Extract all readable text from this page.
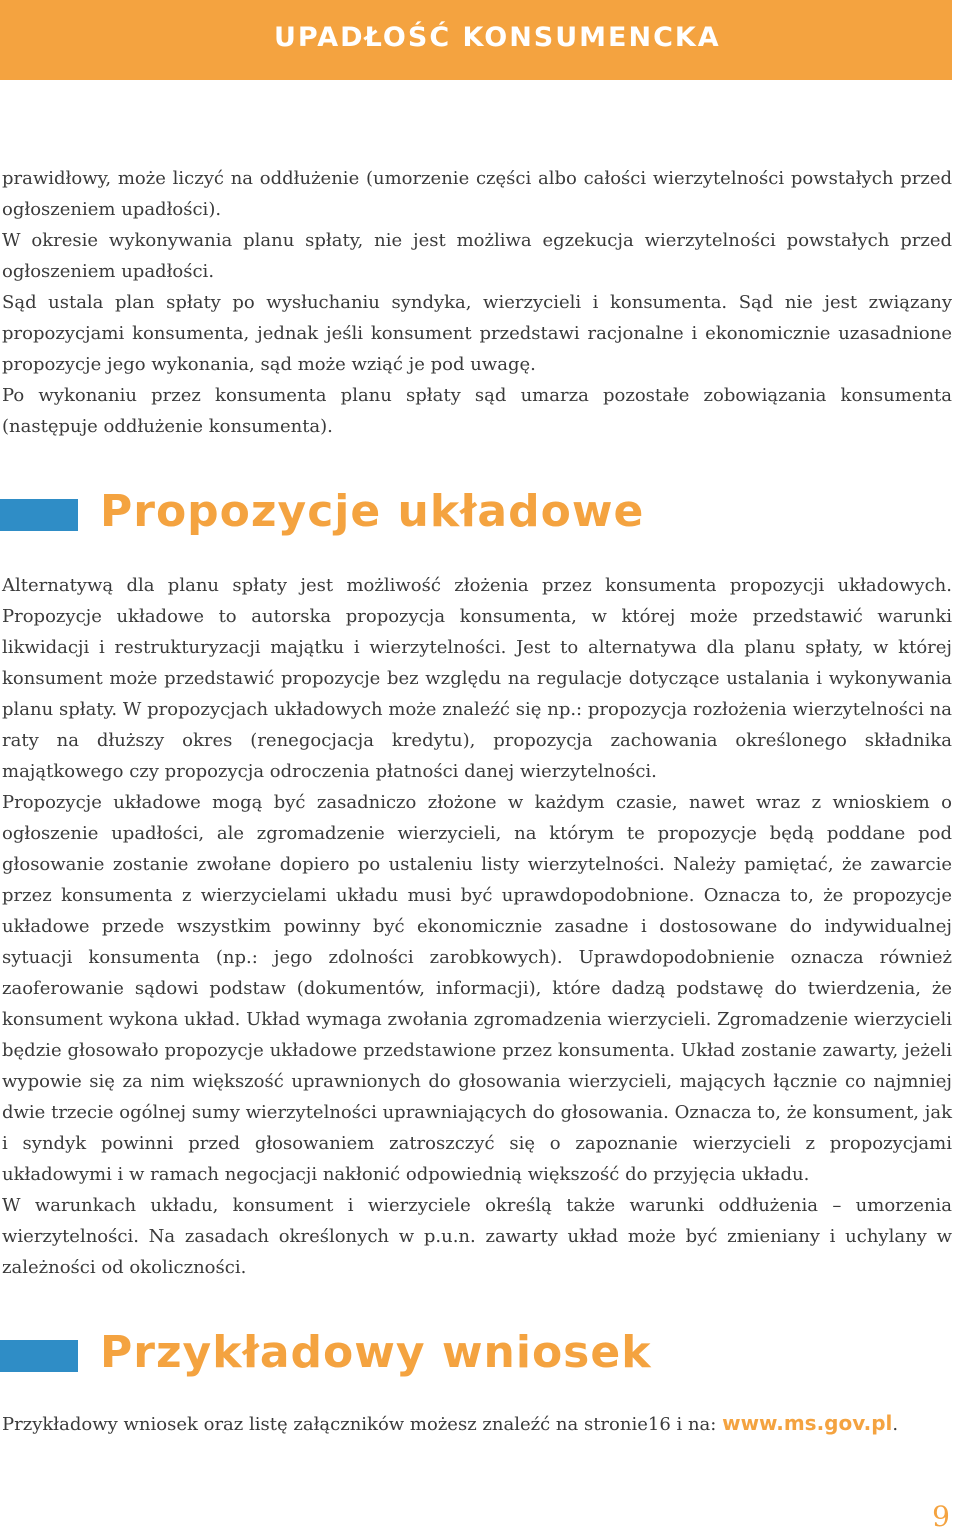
UPADŁOŚĆ KONSUMENCKA

prawidłowy, może liczyć na oddłużenie (umorzenie części albo całości wierzytelności powstałych przed ogłoszeniem upadłości).

W okresie wykonywania planu spłaty, nie jest możliwa egzekucja wierzytelności powstałych przed ogłoszeniem upadłości.

Sąd ustala plan spłaty po wysłuchaniu syndyka, wierzycieli i konsumenta. Sąd nie jest związany propozycjami konsumenta, jednak jeśli konsument przedstawi racjonalne i ekonomicznie uzasadnione propozycje jego wykonania, sąd może wziąć je pod uwagę.

Po wykonaniu przez konsumenta planu spłaty sąd umarza pozostałe zobowiązania konsumenta (następuje oddłużenie konsumenta).

Propozycje układowe

Alternatywą dla planu spłaty jest możliwość złożenia przez konsumenta propozycji układowych. Propozycje układowe to autorska propozycja konsumenta, w której może przedstawić warunki likwidacji i restrukturyzacji majątku i wierzytelności. Jest to alternatywa dla planu spłaty, w której konsument może przedstawić propozycje bez względu na regulacje dotyczące ustalania i wykonywania planu spłaty. W propozycjach układowych może znaleźć się np.: propozycja rozłożenia wierzytelności na raty na dłuższy okres (renegocjacja kredytu), propozycja zachowania określonego składnika majątkowego czy propozycja odroczenia płatności danej wierzytelności.

Propozycje układowe mogą być zasadniczo złożone w każdym czasie, nawet wraz z wnioskiem o ogłoszenie upadłości, ale zgromadzenie wierzycieli, na którym te propozycje będą poddane pod głosowanie zostanie zwołane dopiero po ustaleniu listy wierzytelności. Należy pamiętać, że zawarcie przez konsumenta z wierzycielami układu musi być uprawdopodobnione. Oznacza to, że propozycje układowe przede wszystkim powinny być ekonomicznie zasadne i dostosowane do indywidualnej sytuacji konsumenta (np.: jego zdolności zarobkowych). Uprawdopodobnienie oznacza również zaoferowanie sądowi podstaw (dokumentów, informacji), które dadzą podstawę do twierdzenia, że konsument wykona układ. Układ wymaga zwołania zgromadzenia wierzycieli. Zgromadzenie wierzycieli będzie głosowało propozycje układowe przedstawione przez konsumenta. Układ zostanie zawarty, jeżeli wypowie się za nim większość uprawnionych do głosowania wierzycieli, mających łącznie co najmniej dwie trzecie ogólnej sumy wierzytelności uprawniających do głosowania. Oznacza to, że konsument, jak i syndyk powinni przed głosowaniem zatroszczyć się o zapoznanie wierzycieli z propozycjami układowymi i w ramach negocjacji nakłonić odpowiednią większość do przyjęcia układu.

W warunkach układu, konsument i wierzyciele określą także warunki oddłużenia – umorzenia wierzytelności. Na zasadach określonych w p.u.n. zawarty układ może być zmieniany i uchylany w zależności od okoliczności.

Przykładowy wniosek
Przykładowy wniosek oraz listę załączników możesz znaleźć na stronie16 i na: www.ms.gov.pl.
9
